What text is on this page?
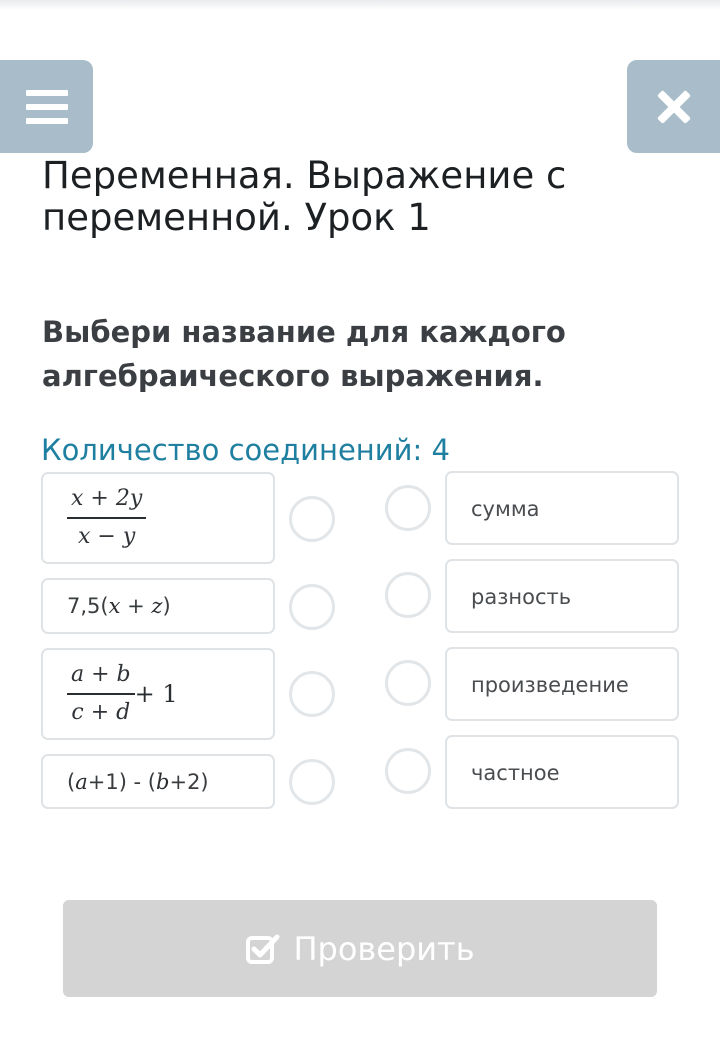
Переменная. Выражение с
переменной. Урок 1
Выбери название для каждого
алгебраического выражения.
Количество соединений: 4
$\frac{x + 2y}{x - y}$
7,5(x + z)
$\frac{a + b}{c + d} + 1$
(a+1) - (b+2)
сумма
разность
произведение
частное
Проверить
